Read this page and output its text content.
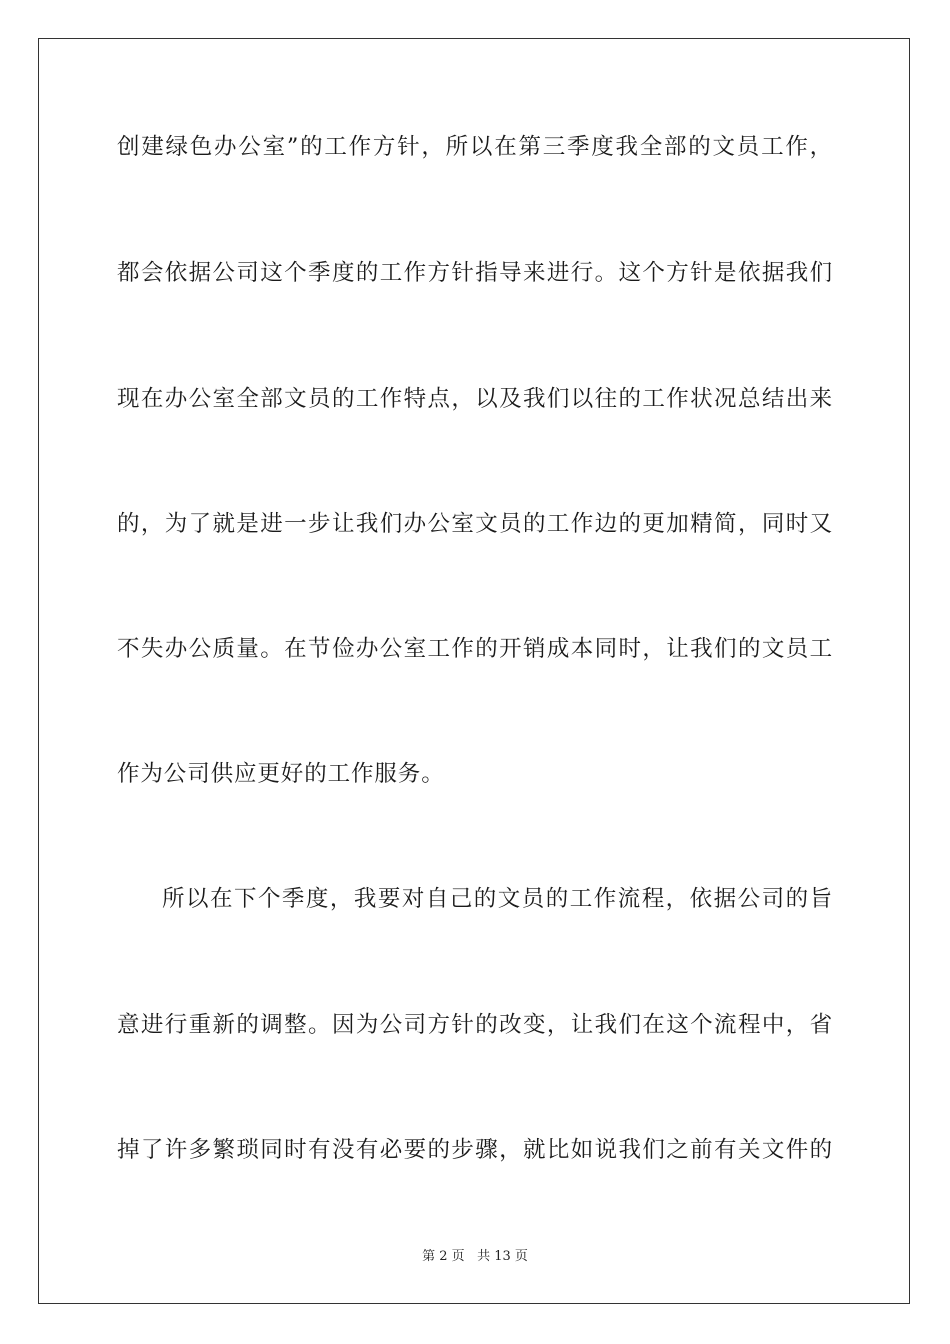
创建绿色办公室”的工作方针，所以在第三季度我全部的文员工作，
都会依据公司这个季度的工作方针指导来进行。这个方针是依据我们
现在办公室全部文员的工作特点，以及我们以往的工作状况总结出来
的，为了就是进一步让我们办公室文员的工作边的更加精简，同时又
不失办公质量。在节俭办公室工作的开销成本同时，让我们的文员工
作为公司供应更好的工作服务。
所以在下个季度，我要对自己的文员的工作流程，依据公司的旨
意进行重新的调整。因为公司方针的改变，让我们在这个流程中，省
掉了许多繁琐同时有没有必要的步骤，就比如说我们之前有关文件的
第 2 页 共 13 页
